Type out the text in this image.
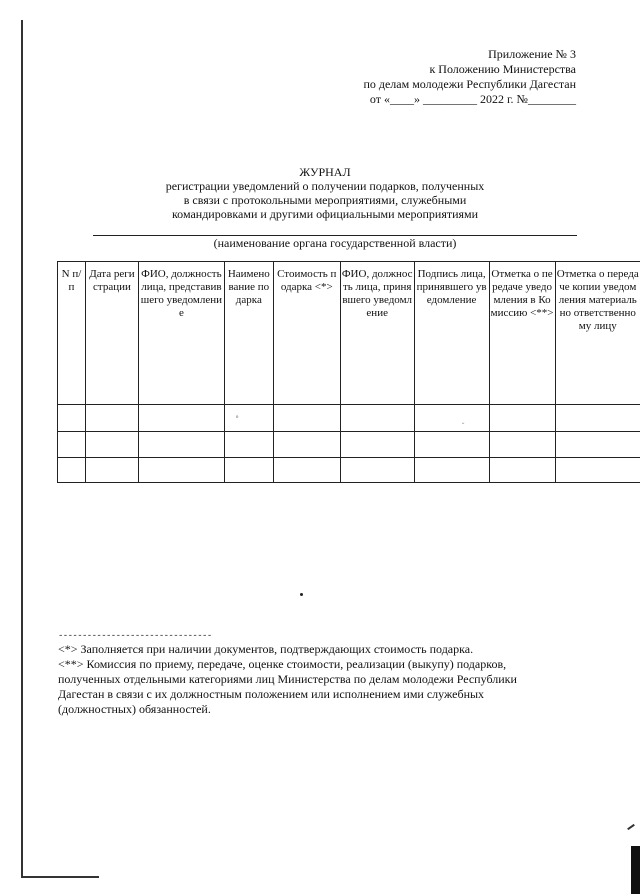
Приложение № 3
к Положению Министерства
по делам молодежи Республики Дагестан
от «____» _________ 2022 г. №________
ЖУРНАЛ
регистрации уведомлений о получении подарков, полученных
в связи с протокольными мероприятиями, служебными
командировками и другими официальными мероприятиями
(наименование органа государственной власти)
N п/п	Дата регистрации	ФИО, должность лица, представившего уведомление	Наименование подарка	Стоимость подарка <*>	ФИО, должность лица, принявшего уведомление	Подпись лица, принявшего уведомление	Отметка о передаче уведомления в Комиссию <**>	Отметка о передаче копии уведомления материально ответственному лицу

ᵒ
ᵕ
--------------------------------
<*> Заполняется при наличии документов, подтверждающих стоимость подарка.
<**> Комиссия по приему, передаче, оценке стоимости, реализации (выкупу) подарков, полученных отдельными категориями лиц Министерства по делам молодежи Республики Дагестан в связи с их должностным положением или исполнением ими служебных (должностных) обязанностей.
